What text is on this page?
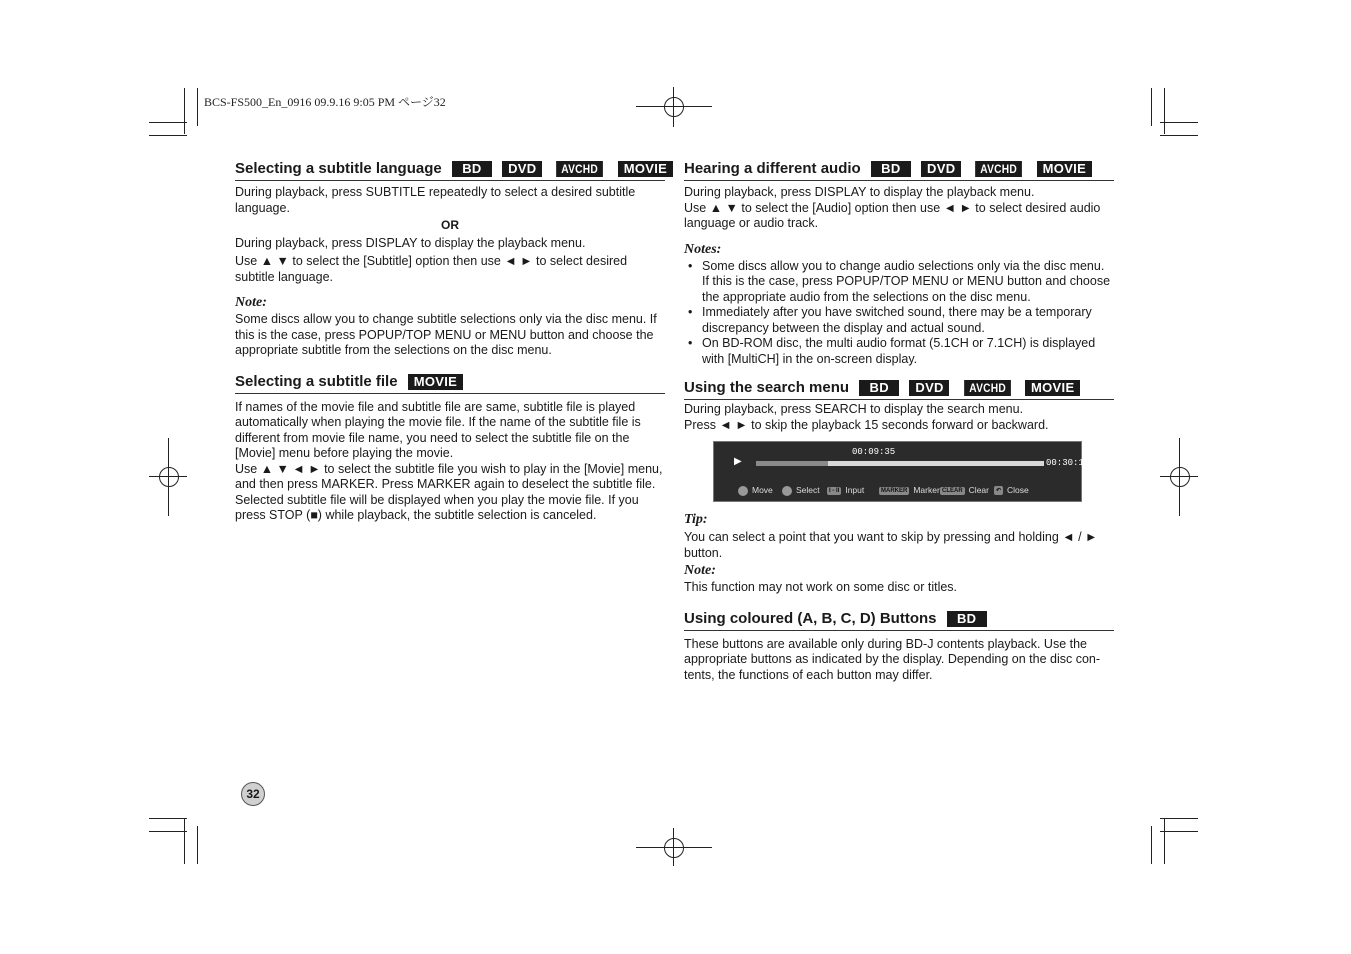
BCS-FS500_En_0916 09.9.16 9:05 PM ページ32
Selecting a subtitle language BD DVD AVCHD MOVIE

During playback, press SUBTITLE repeatedly to select a desired subtitle language.

OR

During playback, press DISPLAY to display the playback menu.

Use ▲ ▼ to select the [Subtitle] option then use ◄ ► to select desired subtitle language.

Note:

Some discs allow you to change subtitle selections only via the disc menu. If this is the case, press POPUP/TOP MENU or MENU button and choose the appropriate subtitle from the selections on the disc menu.

Selecting a subtitle file MOVIE

If names of the movie file and subtitle file are same, subtitle file is played automatically when playing the movie file. If the name of the subtitle file is different from movie file name, you need to select the subtitle file on the [Movie] menu before playing the movie.

Use ▲ ▼ ◄ ► to select the subtitle file you wish to play in the [Movie] menu, and then press MARKER. Press MARKER again to deselect the subtitle file. Selected subtitle file will be displayed when you play the movie file. If you press STOP (■) while playback, the subtitle selection is canceled.

Hearing a different audio BD DVD AVCHD MOVIE

During playback, press DISPLAY to display the playback menu.

Use ▲ ▼ to select the [Audio] option then use ◄ ► to select desired audio language or audio track.

Notes:
• Some discs allow you to change audio selections only via the disc menu. If this is the case, press POPUP/TOP MENU or MENU button and choose the appropriate audio from the selections on the disc menu.
• Immediately after you have switched sound, there may be a temporary discrepancy between the display and actual sound.
• On BD-ROM disc, the multi audio format (5.1CH or 7.1CH) is displayed with [MultiCH] in the on-screen display.
Using the search menu BD DVD AVCHD MOVIE

During playback, press SEARCH to display the search menu.

Press ◄ ► to skip the playback 15 seconds forward or backward.

▶
00:09:35
00:30:11
Move	Select	I - II Input	MARKER Marker CLEAR Clear	↶ Close
Tip:

You can select a point that you want to skip by pressing and holding ◄ / ► button.

Note:

This function may not work on some disc or titles.

Using coloured (A, B, C, D) Buttons BD

These buttons are available only during BD-J contents playback. Use the appropriate buttons as indicated by the display. Depending on the disc con-tents, the functions of each button may differ.

32
